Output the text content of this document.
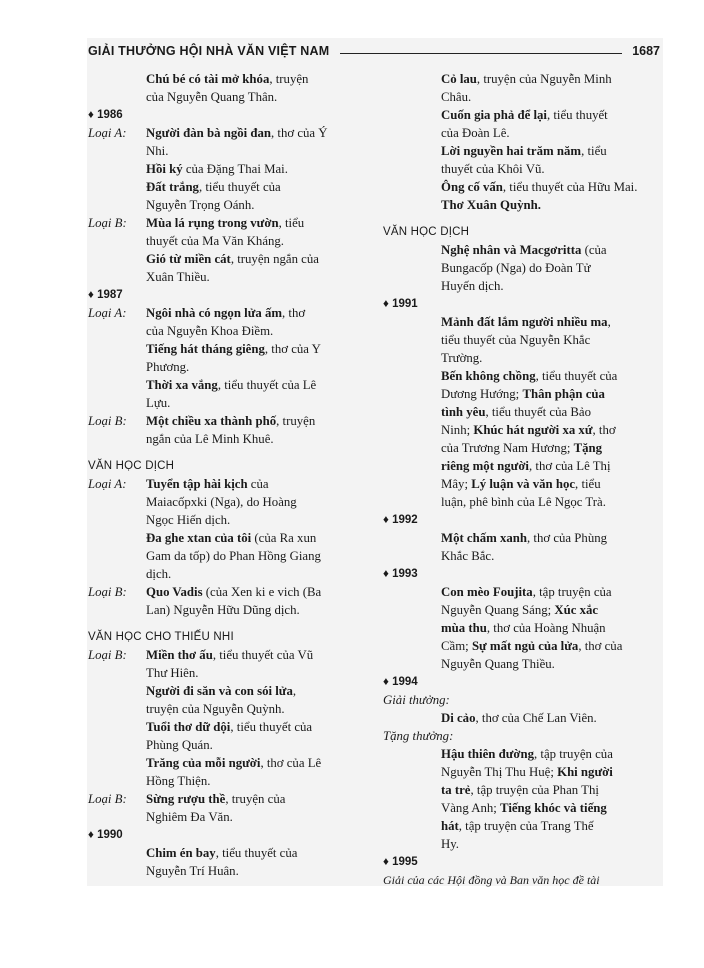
GIẢI THƯỞNG HỘI NHÀ VĂN VIỆT NAM	1687
Chú bé có tài mở khóa, truyện
của Nguyễn Quang Thân.
♦ 1986
Loại A: Người đàn bà ngồi đan, thơ của Ý
Nhi.
Hồi ký của Đặng Thai Mai.
Đất trắng, tiểu thuyết của
Nguyễn Trọng Oánh.
Loại B: Mùa lá rụng trong vườn, tiểu
thuyết của Ma Văn Kháng.
Gió từ miền cát, truyện ngắn của
Xuân Thiều.
♦ 1987
Loại A: Ngôi nhà có ngọn lửa ấm, thơ
của Nguyễn Khoa Điềm.
Tiếng hát tháng giêng, thơ của Y
Phương.
Thời xa vắng, tiểu thuyết của Lê
Lựu.
Loại B: Một chiều xa thành phố, truyện
ngắn của Lê Minh Khuê.
VĂN HỌC DỊCH
Loại A: Tuyển tập hài kịch của
Maiacốpxki (Nga), do Hoàng
Ngọc Hiến dịch.
Đa ghe xtan của tôi (của Ra xun
Gam da tốp) do Phan Hồng Giang
dịch.
Loại B: Quo Vadis (của Xen ki e vich (Ba
Lan) Nguyễn Hữu Dũng dịch.
VĂN HỌC CHO THIẾU NHI
Loại B: Miền thơ ấu, tiểu thuyết của Vũ
Thư Hiên.
Người đi săn và con sói lửa,
truyện của Nguyễn Quỳnh.
Tuổi thơ dữ dội, tiểu thuyết của
Phùng Quán.
Trăng của mỗi người, thơ của Lê
Hồng Thiện.
Loại B: Sừng rượu thề, truyện của
Nghiêm Đa Văn.
♦ 1990
Chim én bay, tiểu thuyết của
Nguyễn Trí Huân.
Cỏ lau, truyện của Nguyễn Minh
Châu.
Cuốn gia phả để lại, tiểu thuyết
của Đoàn Lê.
Lời nguyền hai trăm năm, tiểu
thuyết của Khôi Vũ.
Ông cố vấn, tiểu thuyết của Hữu Mai.
Thơ Xuân Quỳnh.
VĂN HỌC DỊCH
Nghệ nhân và Macgơritta (của
Bungacốp (Nga) do Đoàn Tử
Huyến dịch.
♦ 1991
Mảnh đất lắm người nhiều ma,
tiểu thuyết của Nguyễn Khắc
Trường.
Bến không chồng, tiểu thuyết của
Dương Hướng; Thân phận của
tình yêu, tiểu thuyết của Bảo
Ninh; Khúc hát người xa xứ, thơ
của Trương Nam Hương; Tặng
riêng một người, thơ của Lê Thị
Mây; Lý luận và văn học, tiểu
luận, phê bình của Lê Ngọc Trà.
♦ 1992
Một chấm xanh, thơ của Phùng
Khắc Bắc.
♦ 1993
Con mèo Foujita, tập truyện của
Nguyễn Quang Sáng; Xúc xắc
mùa thu, thơ của Hoàng Nhuận
Cầm; Sự mất ngủ của lửa, thơ của
Nguyễn Quang Thiều.
♦ 1994
Giải thưởng:
Di cảo, thơ của Chế Lan Viên.
Tặng thưởng:
Hậu thiên đường, tập truyện của
Nguyễn Thị Thu Huệ; Khi người
ta trẻ, tập truyện của Phan Thị
Vàng Anh; Tiếng khóc và tiếng
hát, tập truyện của Trang Thế
Hy.
♦ 1995
Giải của các Hội đồng và Ban văn học đề tài
